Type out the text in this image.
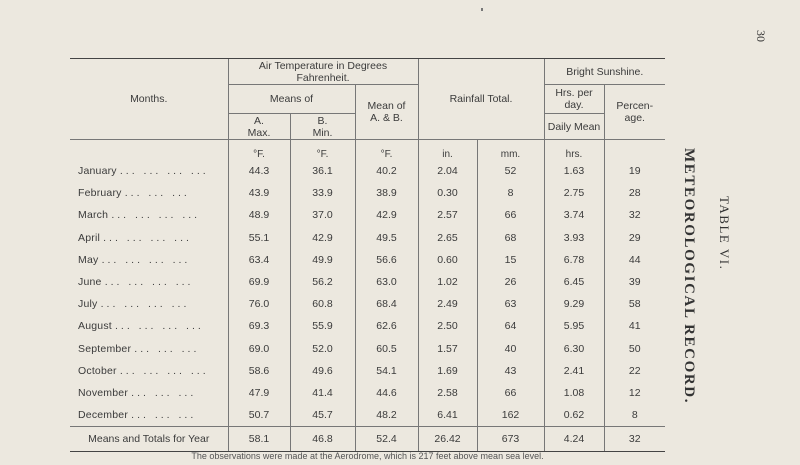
Months.	Air Temperature in Degrees Fahrenheit.			Rainfall Total.		Bright Sunshine.	
	Means of		Mean of A. & B.			Hrs. per day.	Percen- age.
	A. Max.	B. Min.				Daily Mean	
	°F.	°F.	°F.	in.	mm.	hrs.	
January ... ... ... ...	44.3	36.1	40.2	2.04	52	1.63	19
February ... ... ...	43.9	33.9	38.9	0.30	8	2.75	28
March ... ... ... ...	48.9	37.0	42.9	2.57	66	3.74	32
April ... ... ... ...	55.1	42.9	49.5	2.65	68	3.93	29
May ... ... ... ...	63.4	49.9	56.6	0.60	15	6.78	44
June ... ... ... ...	69.9	56.2	63.0	1.02	26	6.45	39
July ... ... ... ...	76.0	60.8	68.4	2.49	63	9.29	58
August ... ... ... ...	69.3	55.9	62.6	2.50	64	5.95	41
September ... ... ...	69.0	52.0	60.5	1.57	40	6.30	50
October ... ... ... ...	58.6	49.6	54.1	1.69	43	2.41	22
November ... ... ...	47.9	41.4	44.6	2.58	66	1.08	12
December ... ... ...	50.7	45.7	48.2	6.41	162	0.62	8
Means and Totals for Year	58.1	46.8	52.4	26.42	673	4.24	32
The observations were made at the Aerodrome, which is 217 feet above mean sea level.
METEOROLOGICAL RECORD. TABLE VI.
30
